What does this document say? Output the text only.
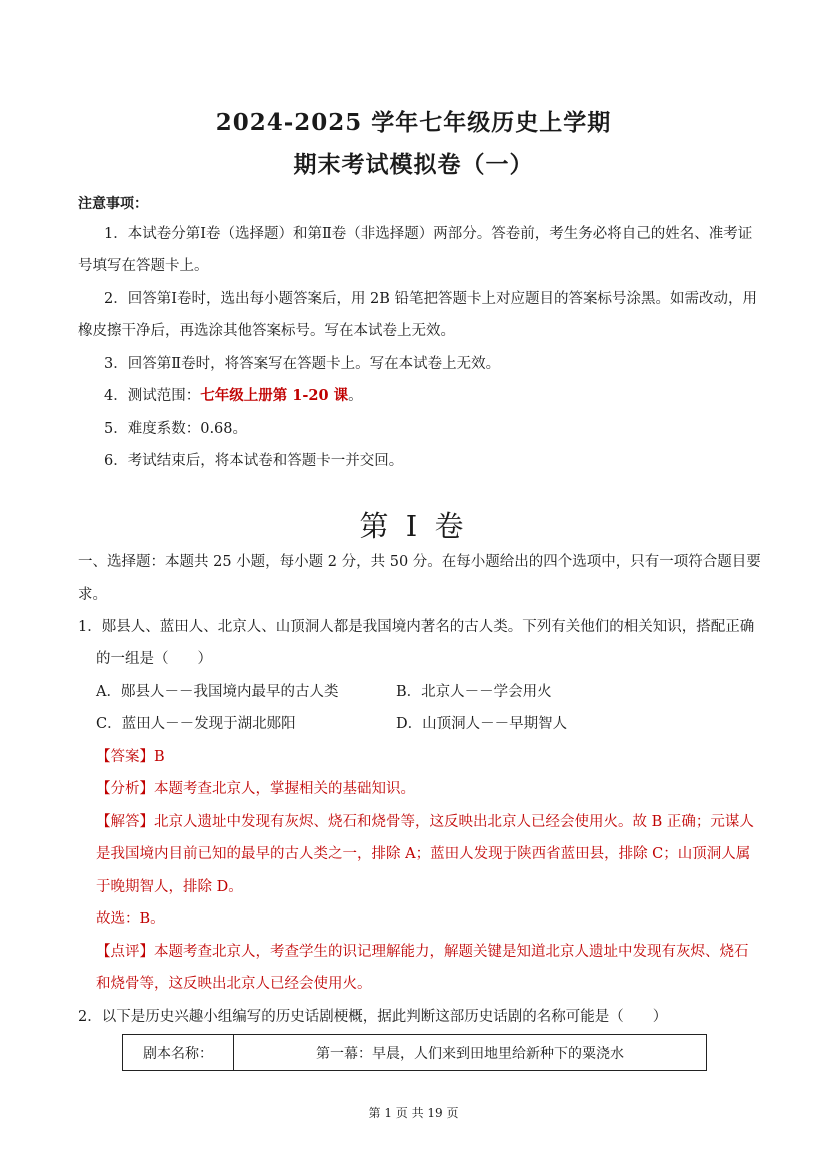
2024-2025 学年七年级历史上学期
期末考试模拟卷（一）
注意事项：
1．本试卷分第Ⅰ卷（选择题）和第Ⅱ卷（非选择题）两部分。答卷前，考生务必将自己的姓名、准考证
号填写在答题卡上。
2．回答第Ⅰ卷时，选出每小题答案后，用 2B 铅笔把答题卡上对应题目的答案标号涂黑。如需改动，用
橡皮擦干净后，再选涂其他答案标号。写在本试卷上无效。
3．回答第Ⅱ卷时，将答案写在答题卡上。写在本试卷上无效。
4．测试范围：七年级上册第 1-20 课。
5．难度系数：0.68。
6．考试结束后，将本试卷和答题卡一并交回。
第 I 卷
一、选择题：本题共 25 小题，每小题 2 分，共 50 分。在每小题给出的四个选项中，只有一项符合题目要
求。
1．郧县人、蓝田人、北京人、山顶洞人都是我国境内著名的古人类。下列有关他们的相关知识，搭配正确
的一组是（　　）
A．郧县人－－我国境内最早的古人类	B．北京人－－学会用火
C．蓝田人－－发现于湖北郧阳	D．山顶洞人－－早期智人
【答案】B
【分析】本题考查北京人，掌握相关的基础知识。
【解答】北京人遗址中发现有灰烬、烧石和烧骨等，这反映出北京人已经会使用火。故 B 正确；元谋人
是我国境内目前已知的最早的古人类之一，排除 A；蓝田人发现于陕西省蓝田县，排除 C；山顶洞人属
于晚期智人，排除 D。
故选：B。
【点评】本题考查北京人，考查学生的识记理解能力，解题关键是知道北京人遗址中发现有灰烬、烧石
和烧骨等，这反映出北京人已经会使用火。
2．以下是历史兴趣小组编写的历史话剧梗概，据此判断这部历史话剧的名称可能是（　　）
剧本名称：	第一幕：早晨，人们来到田地里给新种下的粟浇水
第 1 页 共 19 页
